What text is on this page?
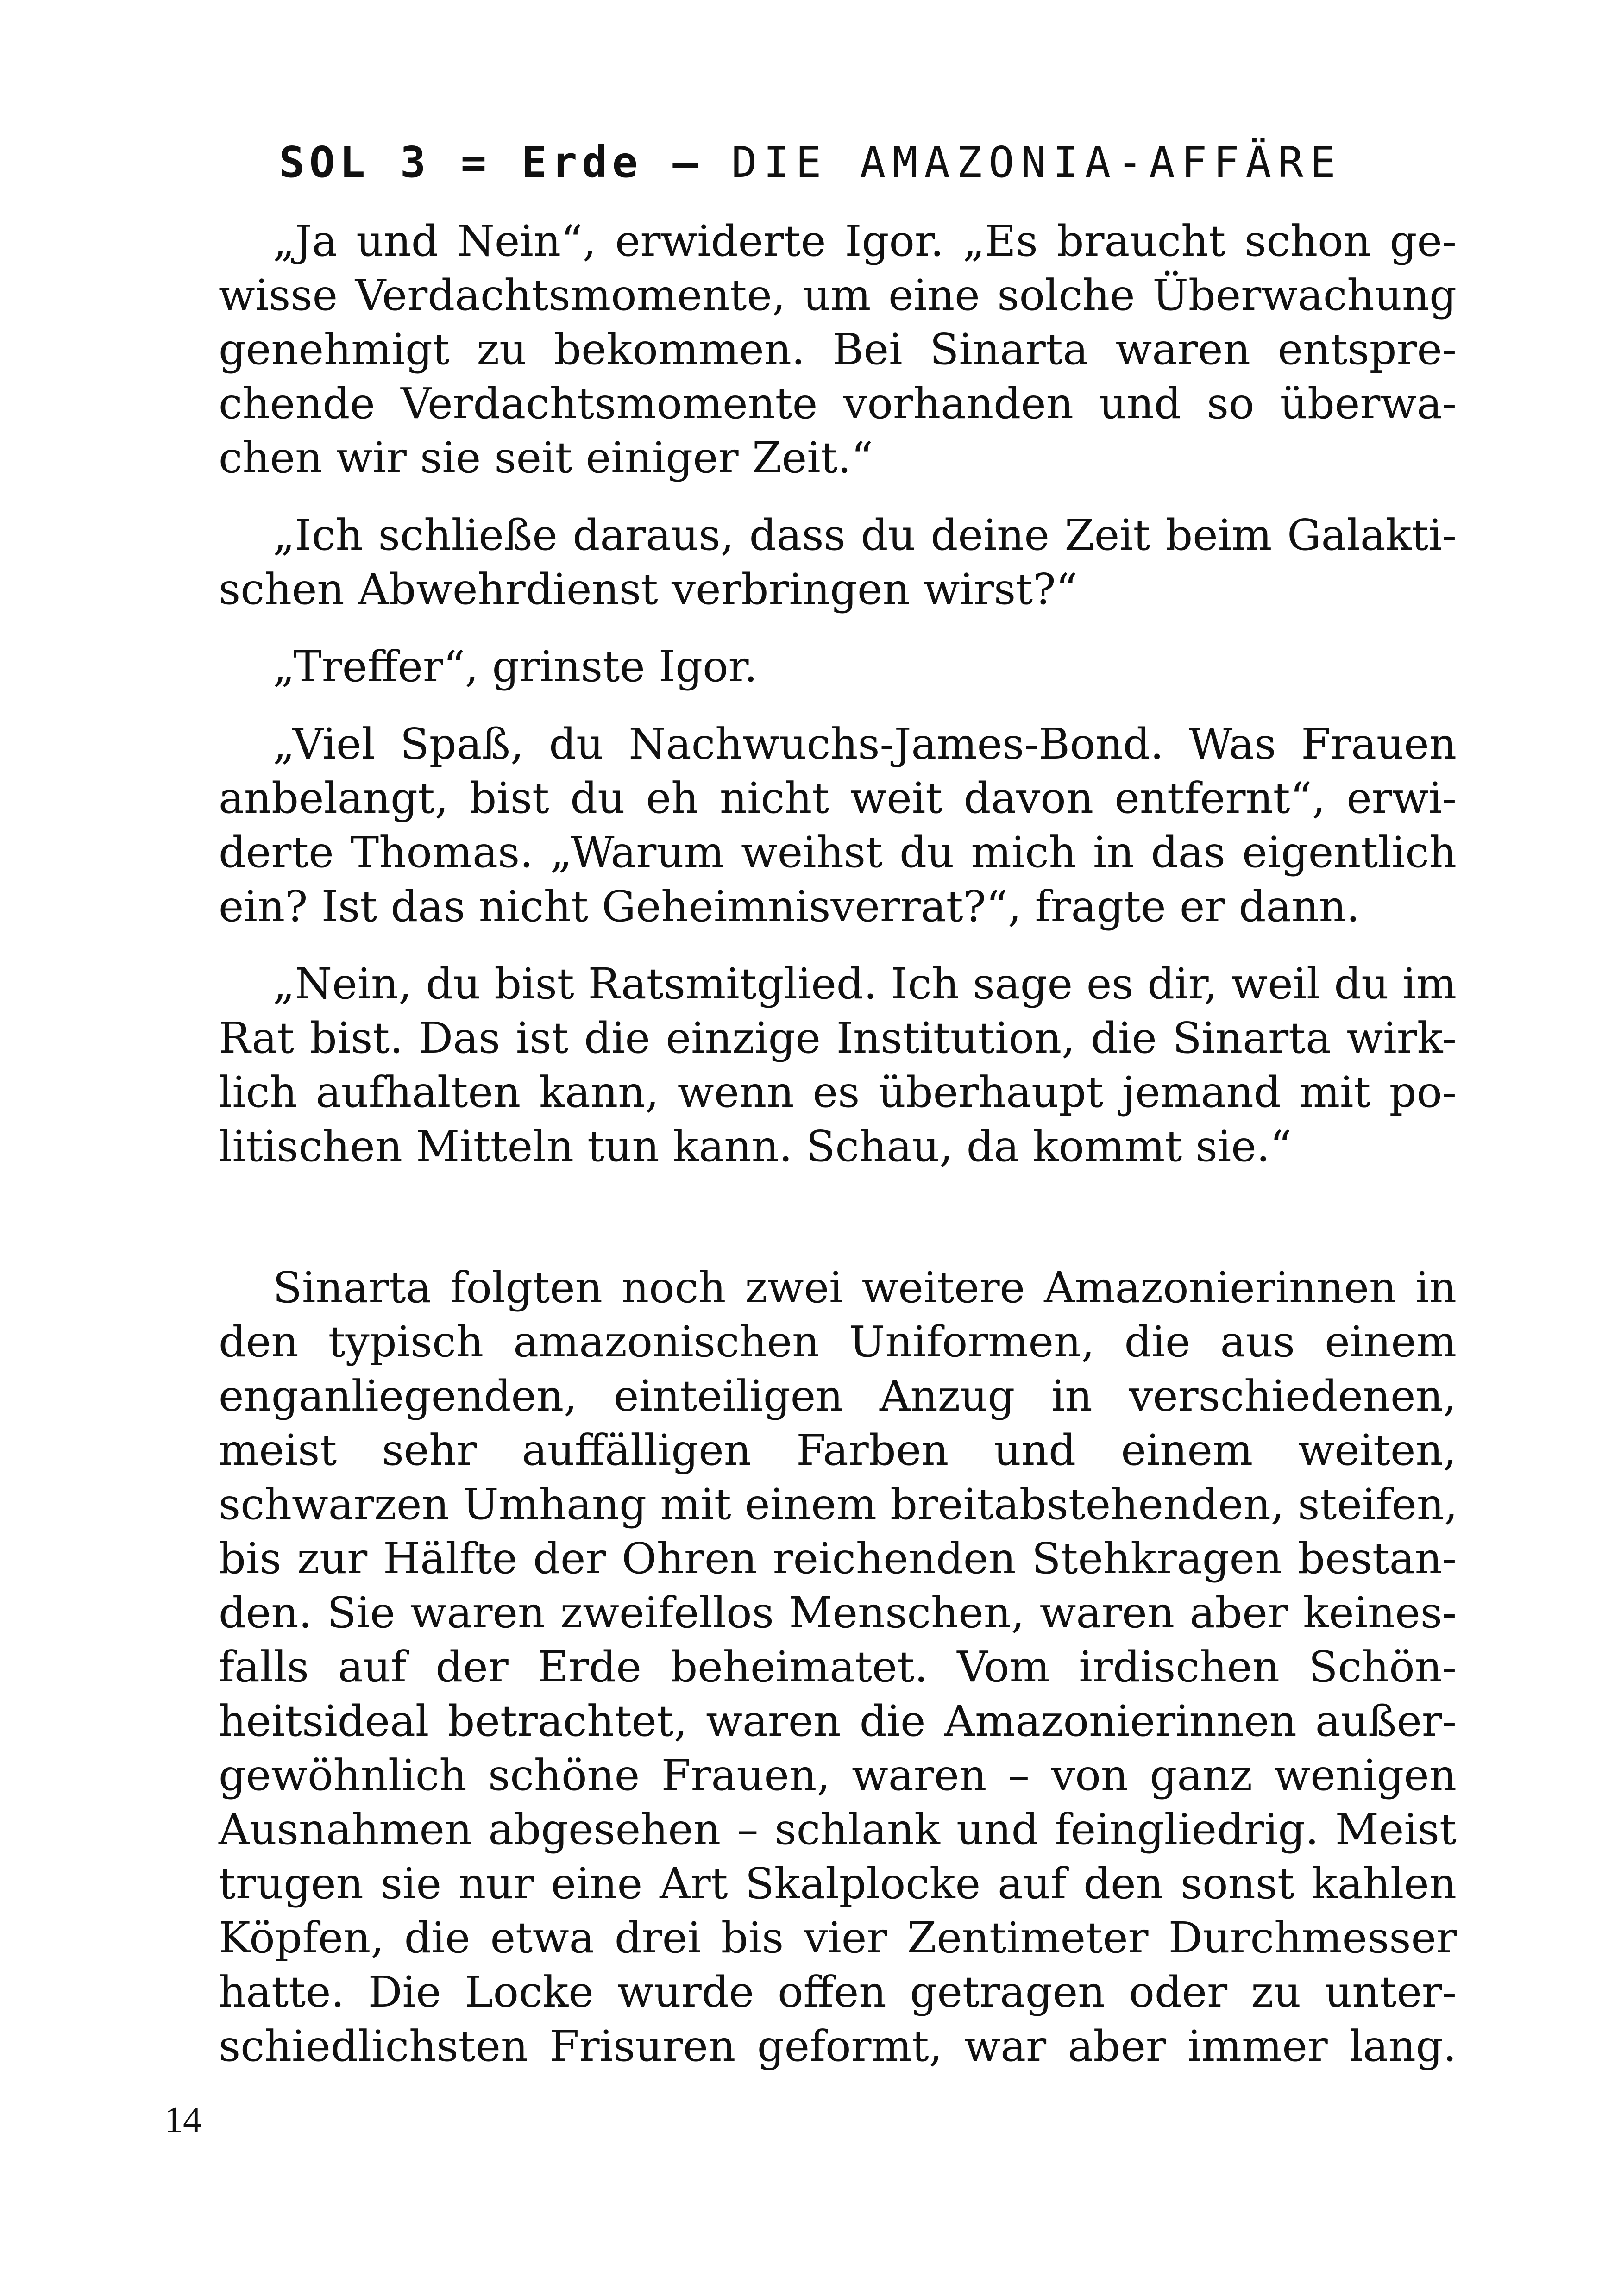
SOL 3 = Erde – DIE AMAZONIA-AFFÄRE
„Ja und Nein“, erwiderte Igor. „Es braucht schon ge-
wisse Verdachtsmomente, um eine solche Überwachung
genehmigt zu bekommen. Bei Sinarta waren entspre-
chende Verdachtsmomente vorhanden und so überwa-
chen wir sie seit einiger Zeit.“
„Ich schließe daraus, dass du deine Zeit beim Galakti-
schen Abwehrdienst verbringen wirst?“
„Treffer“, grinste Igor.
„Viel Spaß, du Nachwuchs-James-Bond. Was Frauen
anbelangt, bist du eh nicht weit davon entfernt“, erwi-
derte Thomas. „Warum weihst du mich in das eigentlich
ein? Ist das nicht Geheimnisverrat?“, fragte er dann.
„Nein, du bist Ratsmitglied. Ich sage es dir, weil du im
Rat bist. Das ist die einzige Institution, die Sinarta wirk-
lich aufhalten kann, wenn es überhaupt jemand mit po-
litischen Mitteln tun kann. Schau, da kommt sie.“
Sinarta folgten noch zwei weitere Amazonierinnen in
den typisch amazonischen Uniformen, die aus einem
enganliegenden, einteiligen Anzug in verschiedenen,
meist sehr auffälligen Farben und einem weiten,
schwarzen Umhang mit einem breitabstehenden, steifen,
bis zur Hälfte der Ohren reichenden Stehkragen bestan-
den. Sie waren zweifellos Menschen, waren aber keines-
falls auf der Erde beheimatet. Vom irdischen Schön-
heitsideal betrachtet, waren die Amazonierinnen außer-
gewöhnlich schöne Frauen, waren – von ganz wenigen
Ausnahmen abgesehen – schlank und feingliedrig. Meist
trugen sie nur eine Art Skalplocke auf den sonst kahlen
Köpfen, die etwa drei bis vier Zentimeter Durchmesser
hatte. Die Locke wurde offen getragen oder zu unter-
schiedlichsten Frisuren geformt, war aber immer lang.
14
